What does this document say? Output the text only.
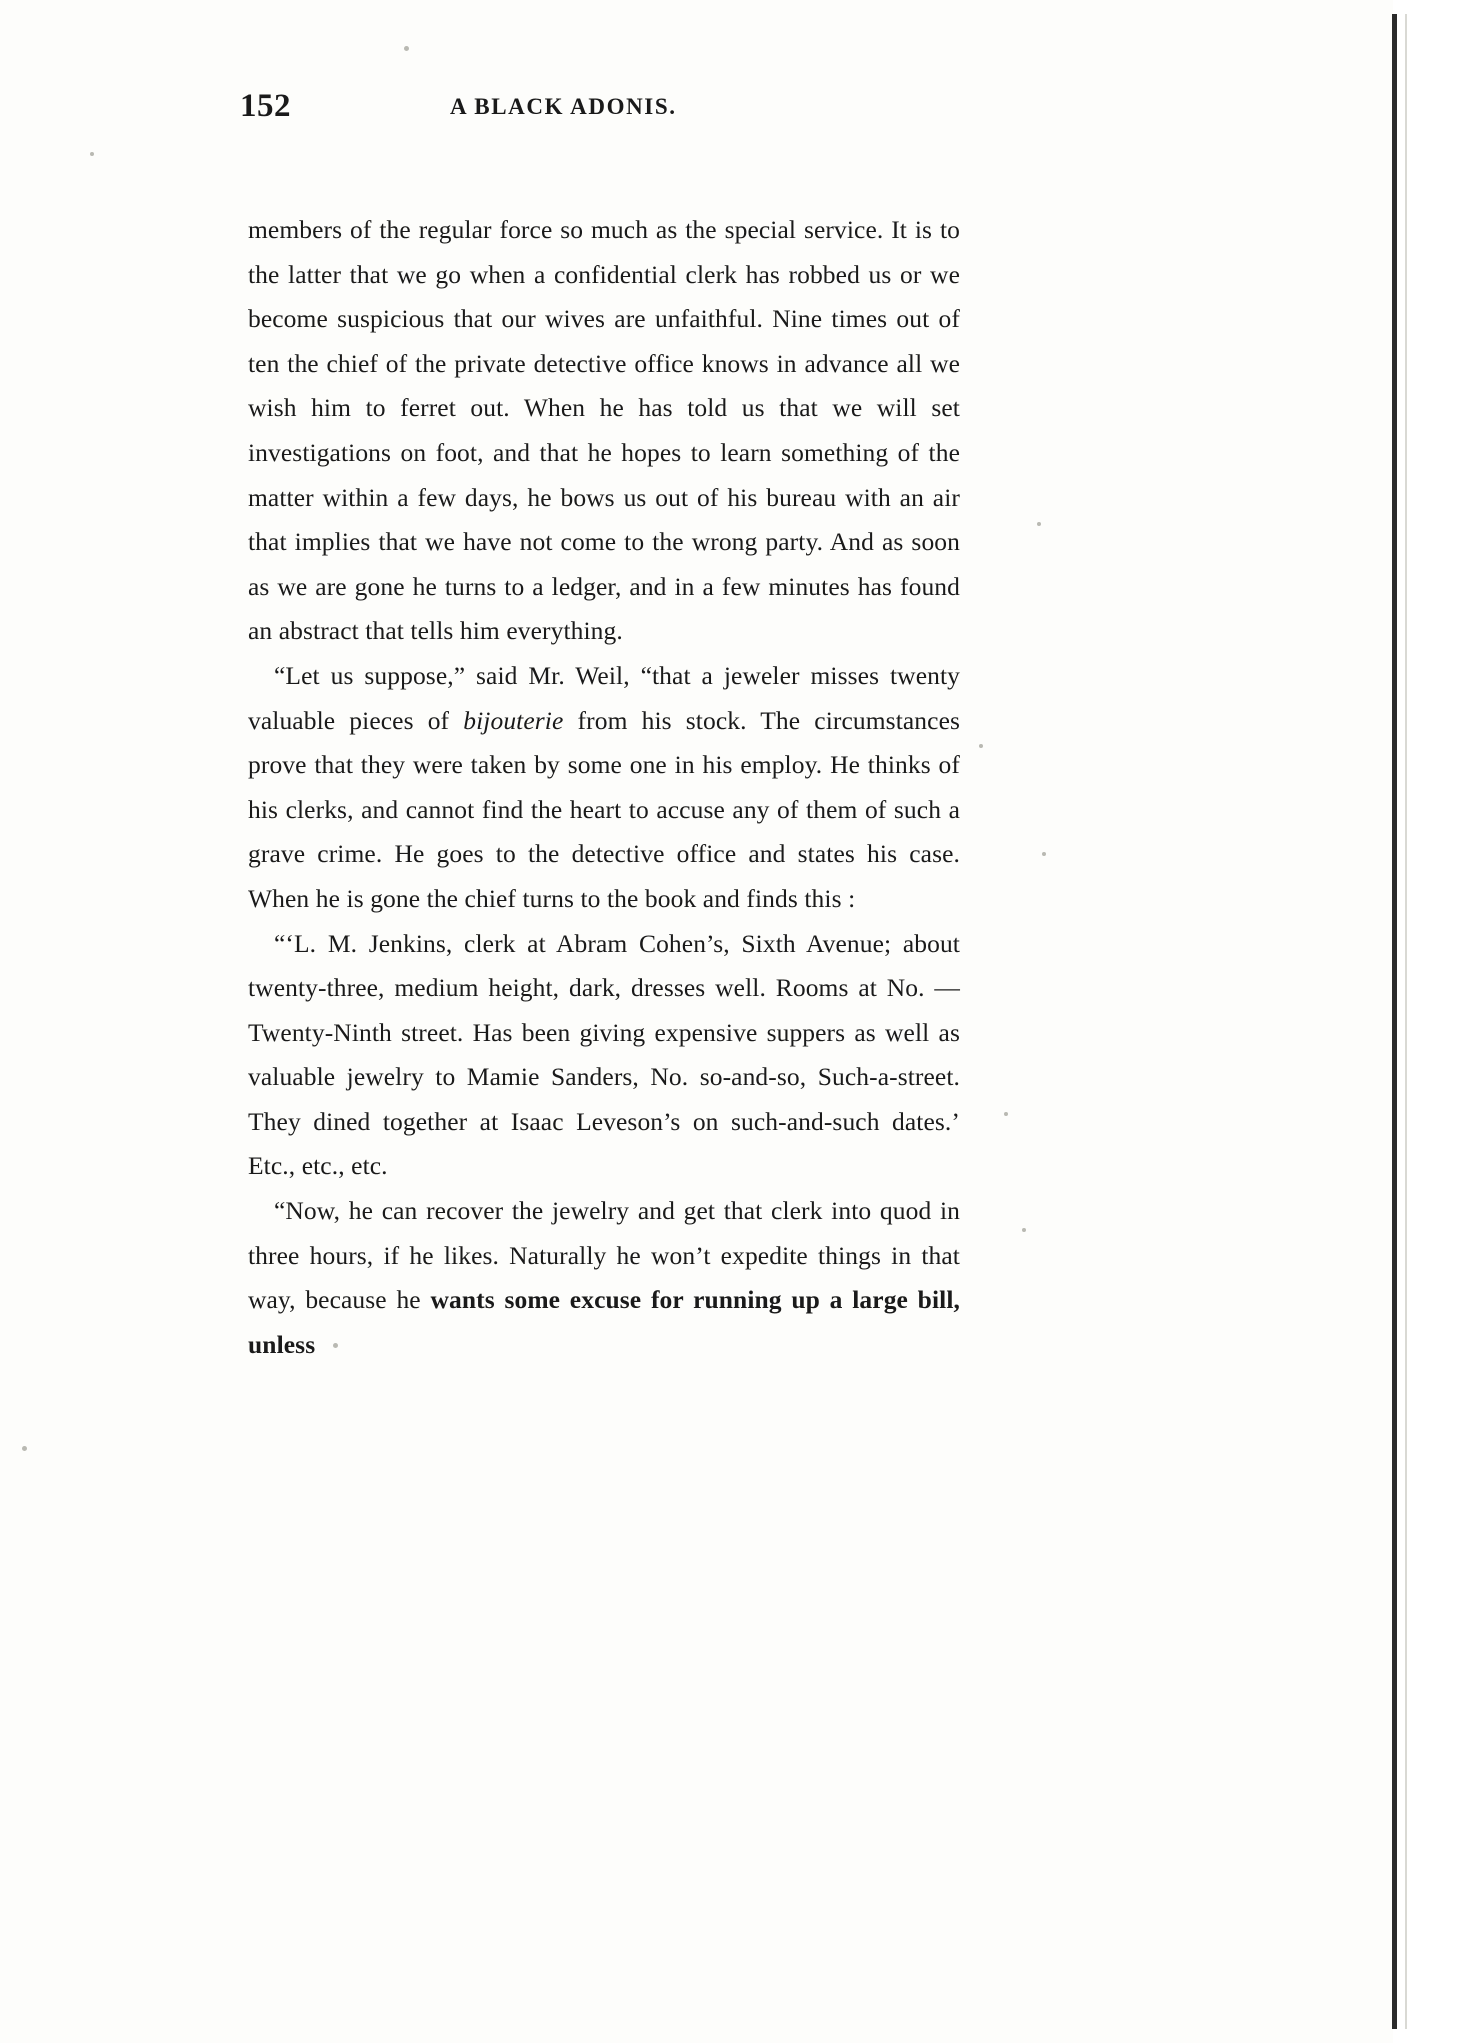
152	A BLACK ADONIS.

members of the regular force so much as the special service. It is to the latter that we go when a confidential clerk has robbed us or we become suspicious that our wives are unfaithful. Nine times out of ten the chief of the private detective office knows in advance all we wish him to ferret out. When he has told us that we will set investigations on foot, and that he hopes to learn something of the matter within a few days, he bows us out of his bureau with an air that implies that we have not come to the wrong party. And as soon as we are gone he turns to a ledger, and in a few minutes has found an abstract that tells him everything.

“Let us suppose,” said Mr. Weil, “that a jeweler misses twenty valuable pieces of bijouterie from his stock. The circumstances prove that they were taken by some one in his employ. He thinks of his clerks, and cannot find the heart to accuse any of them of such a grave crime. He goes to the detective office and states his case. When he is gone the chief turns to the book and finds this :

“‘L. M. Jenkins, clerk at Abram Cohen’s, Sixth Avenue; about twenty-three, medium height, dark, dresses well. Rooms at No. — Twenty-Ninth street. Has been giving expensive suppers as well as valuable jewelry to Mamie Sanders, No. so-and-so, Such-a-street. They dined together at Isaac Leveson’s on such-and-such dates.’ Etc., etc., etc.

“Now, he can recover the jewelry and get that clerk into quod in three hours, if he likes. Naturally he won’t expedite things in that way, because he wants some excuse for running up a large bill, unless
